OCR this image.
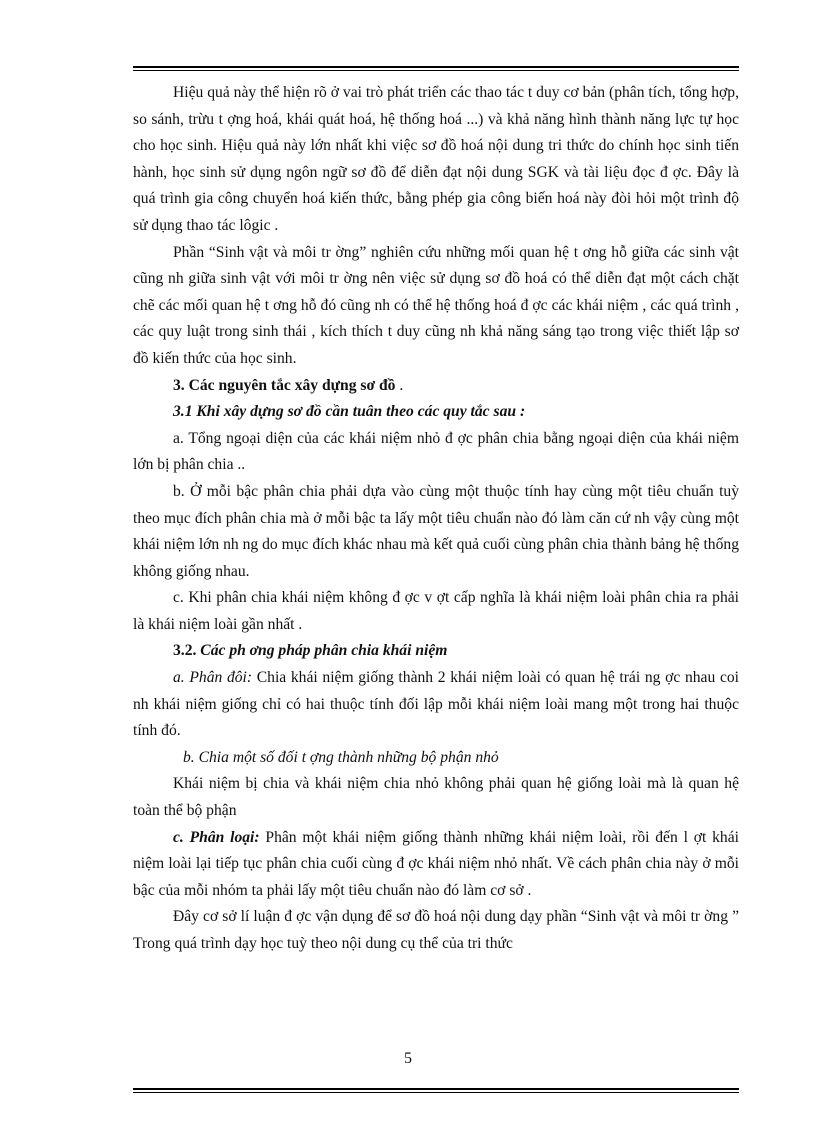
Hiệu quả này thể hiện rõ ở vai trò phát triển các thao tác t duy cơ bản (phân tích, tổng hợp, so sánh, trừu t ợng hoá, khái quát hoá, hệ thống hoá ...) và khả năng hình thành năng lực tự học cho học sinh. Hiệu quả này lớn nhất khi việc sơ đồ hoá nội dung tri thức do chính học sinh tiến hành, học sinh sử dụng ngôn ngữ sơ đồ để diễn đạt nội dung SGK và tài liệu đọc đ ợc. Đây là quá trình gia công chuyển hoá kiến thức, bằng phép gia công biến hoá này đòi hỏi một trình độ sử dụng thao tác lôgic .

Phần “Sinh vật và môi tr ờng” nghiên cứu những mối quan hệ t ơng hỗ giữa các sinh vật cũng nh giữa sinh vật với môi tr ờng nên việc sử dụng sơ đồ hoá có thể diễn đạt một cách chặt chẽ các mối quan hệ t ơng hỗ đó cũng nh có thể hệ thống hoá đ ợc các khái niệm , các quá trình , các quy luật trong sinh thái , kích thích t duy cũng nh khả năng sáng tạo trong việc thiết lập sơ đồ kiến thức của học sinh.

3. Các nguyên tắc xây dựng sơ đồ .

3.1 Khi xây dựng sơ đồ cần tuân theo các quy tắc sau :

a. Tổng ngoại diện của các khái niệm nhỏ đ ợc phân chia bằng ngoại diện của khái niệm lớn bị phân chia ..

b. Ở mỗi bậc phân chia phải dựa vào cùng một thuộc tính hay cùng một tiêu chuẩn tuỳ theo mục đích phân chia mà ở mỗi bậc ta lấy một tiêu chuẩn nào đó làm căn cứ nh vậy cùng một khái niệm lớn nh ng do mục đích khác nhau mà kết quả cuối cùng phân chia thành bảng hệ thống không giống nhau.

c. Khi phân chia khái niệm không đ ợc v ợt cấp nghĩa là khái niệm loài phân chia ra phải là khái niệm loài gần nhất .

3.2. Các ph ơng pháp phân chia khái niệm

a. Phân đôi: Chia khái niệm giống thành 2 khái niệm loài có quan hệ trái ng ợc nhau coi nh khái niệm giống chỉ có hai thuộc tính đối lập mỗi khái niệm loài mang một trong hai thuộc tính đó.

b. Chia một số đối t ợng thành những bộ phận nhỏ

Khái niệm bị chia và khái niệm chia nhỏ không phải quan hệ giống loài mà là quan hệ toàn thể bộ phận

c. Phân loại: Phân một khái niệm giống thành những khái niệm loài, rồi đến l ợt khái niệm loài lại tiếp tục phân chia cuối cùng đ ợc khái niệm nhỏ nhất. Về cách phân chia này ở mỗi bậc của mỗi nhóm ta phải lấy một tiêu chuẩn nào đó làm cơ sở .

Đây cơ sở lí luận đ ợc vận dụng để sơ đồ hoá nội dung dạy phần “Sinh vật và môi tr ờng ” Trong quá trình dạy học tuỳ theo nội dung cụ thể của tri thức

5
